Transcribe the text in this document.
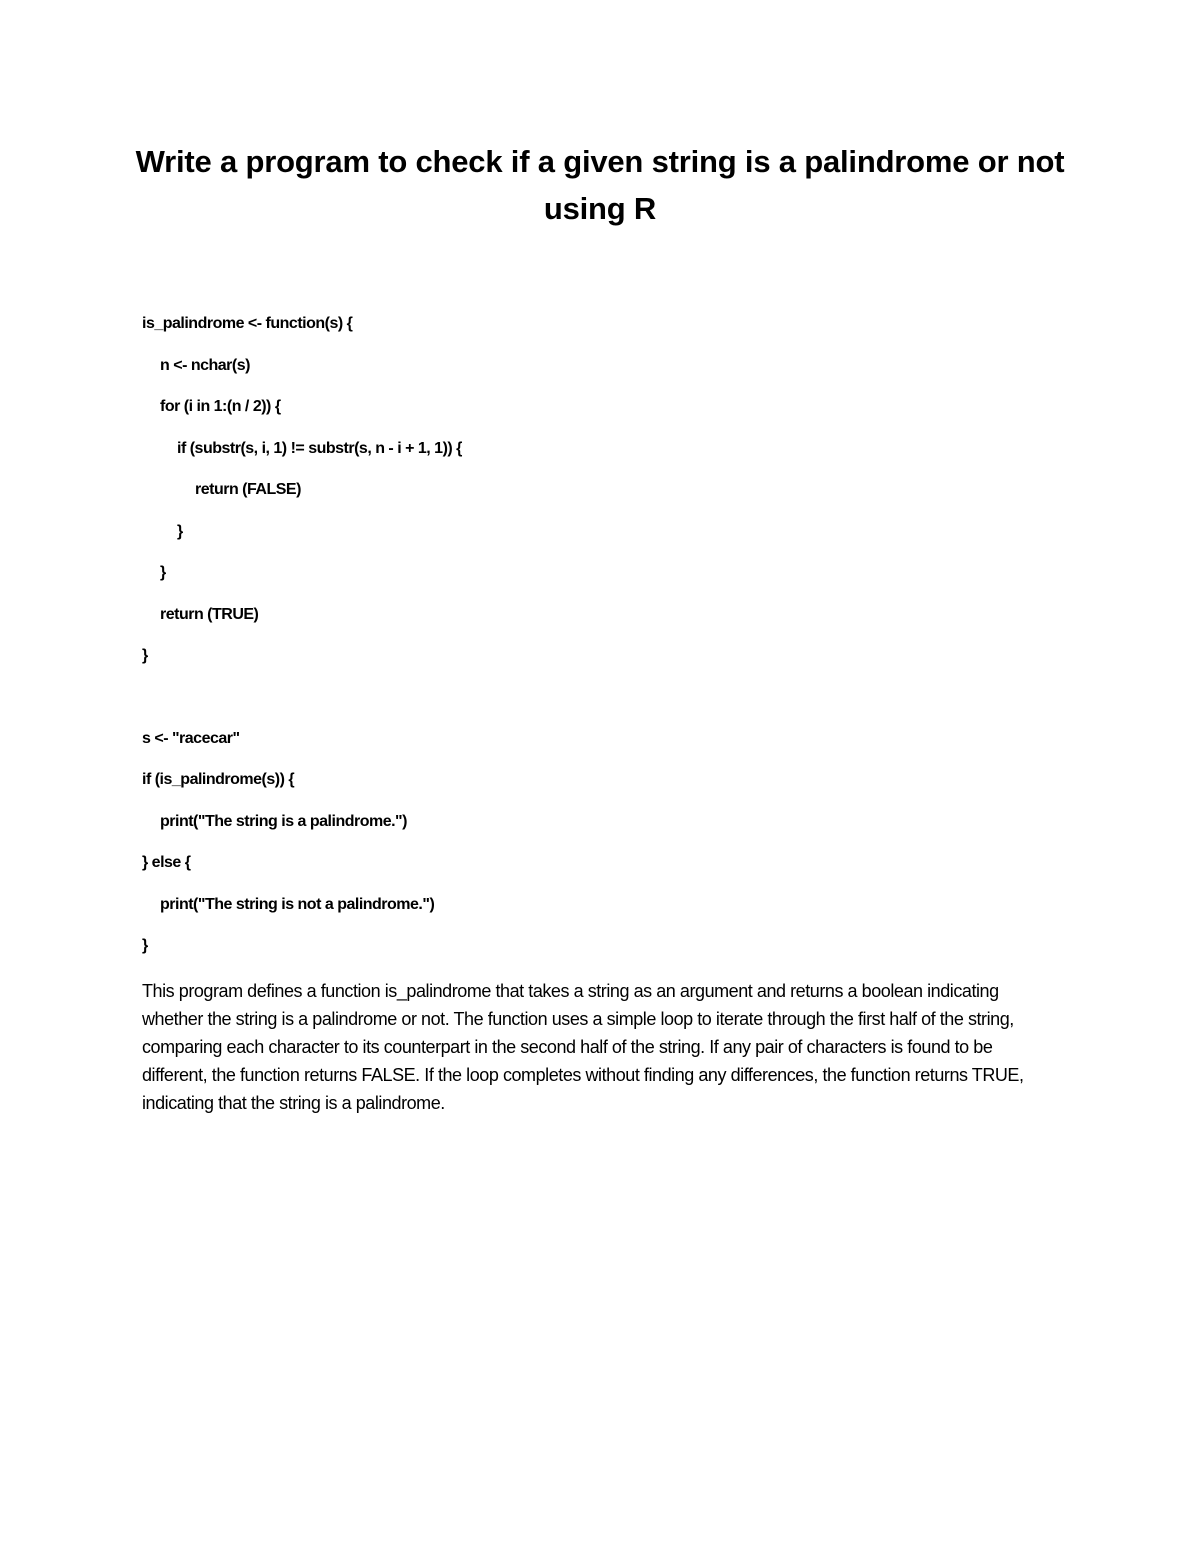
Write a program to check if a given string is a palindrome or not using R

is_palindrome <- function(s) {

n <- nchar(s)

for (i in 1:(n / 2)) {

if (substr(s, i, 1) != substr(s, n - i + 1, 1)) {

return (FALSE)

}

}

return (TRUE)

}

s <- "racecar"

if (is_palindrome(s)) {

print("The string is a palindrome.")

} else {

print("The string is not a palindrome.")

}

This program defines a function is_palindrome that takes a string as an argument and returns a boolean indicating whether the string is a palindrome or not. The function uses a simple loop to iterate through the first half of the string, comparing each character to its counterpart in the second half of the string. If any pair of characters is found to be different, the function returns FALSE. If the loop completes without finding any differences, the function returns TRUE, indicating that the string is a palindrome.
